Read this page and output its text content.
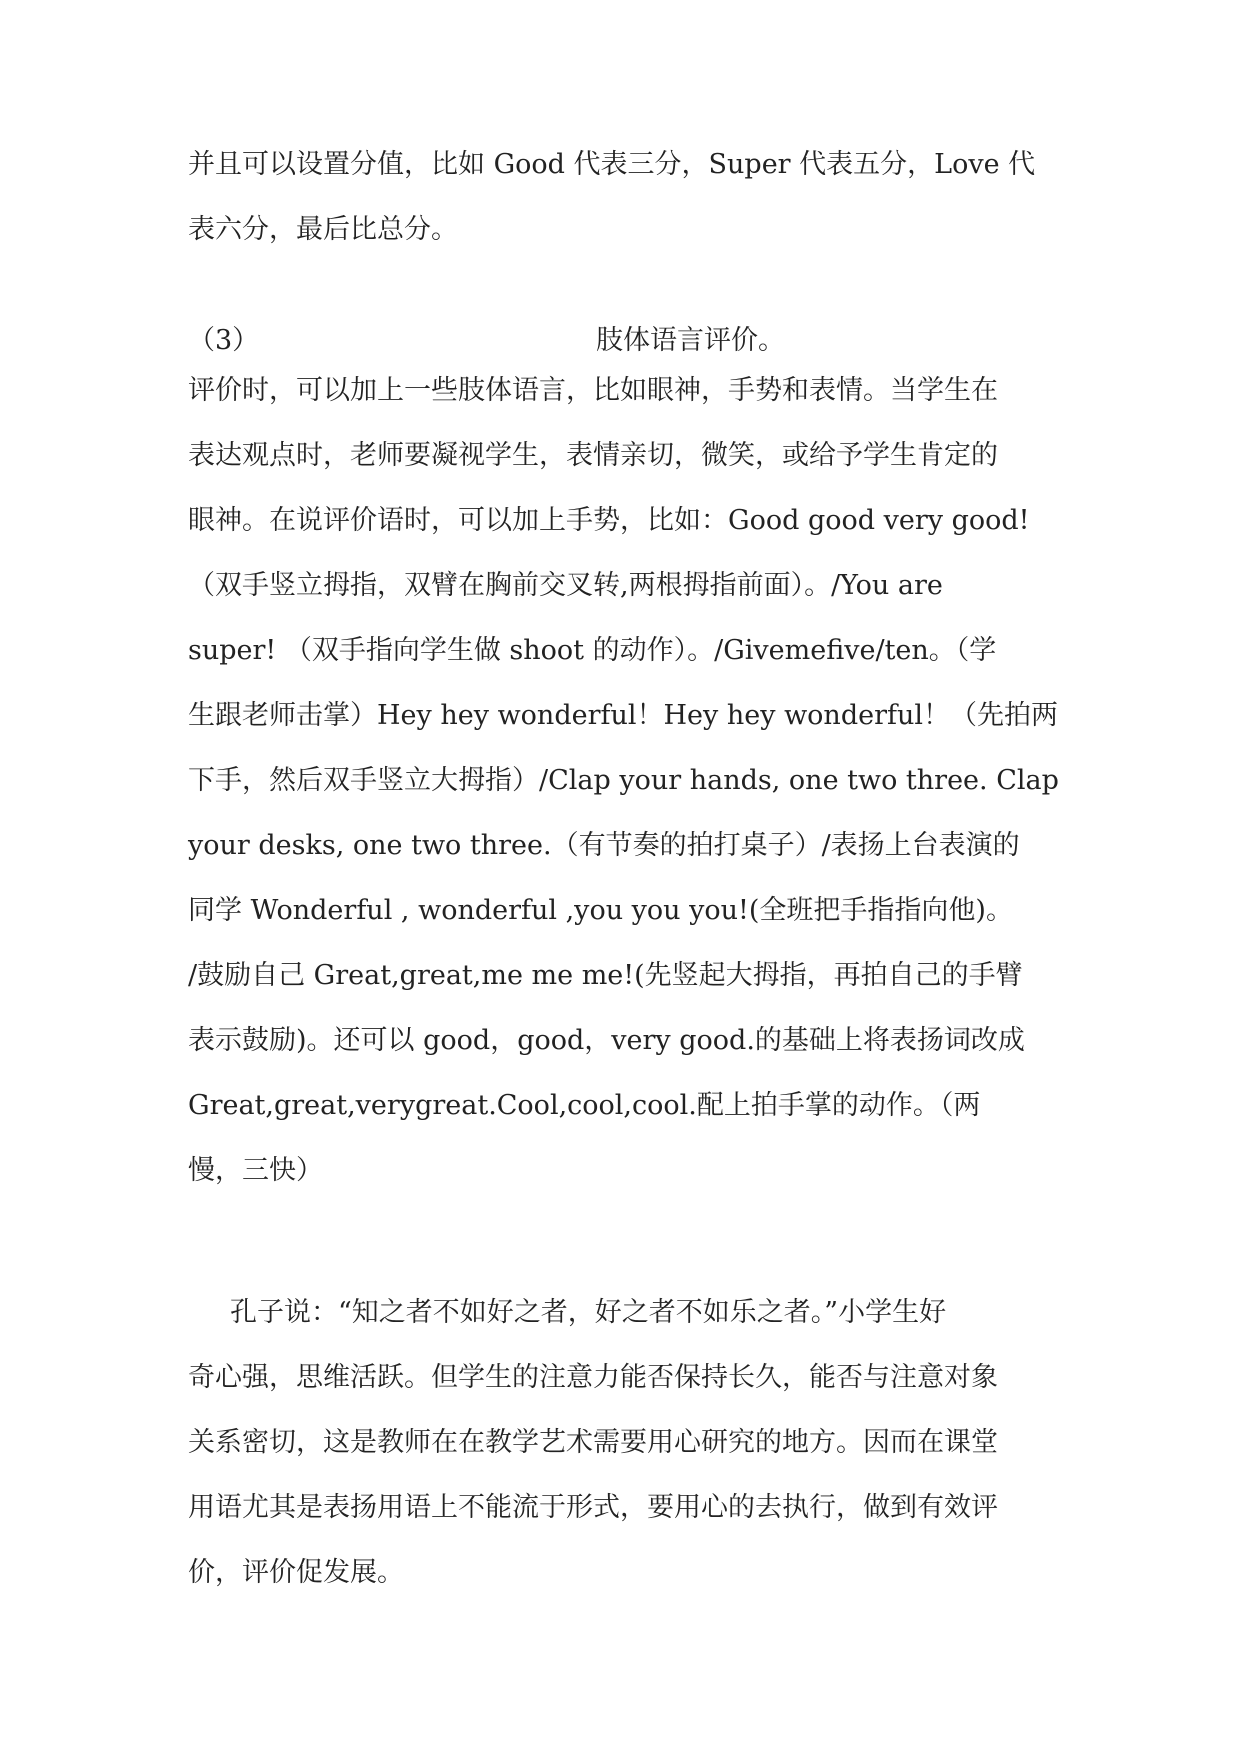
并且可以设置分值，比如 Good 代表三分，Super 代表五分，Love 代
表六分，最后比总分。
（3）	肢体语言评价。
评价时，可以加上一些肢体语言，比如眼神，手势和表情。当学生在
表达观点时，老师要凝视学生，表情亲切，微笑，或给予学生肯定的
眼神。在说评价语时，可以加上手势，比如：Good good very good!
（双手竖立拇指，双臂在胸前交叉转,两根拇指前面）。/You are
super! （双手指向学生做 shoot 的动作）。/Givemefive/ten。（学
生跟老师击掌）Hey hey wonderful！Hey hey wonderful！（先拍两
下手，然后双手竖立大拇指）/Clap your hands, one two three. Clap
your desks, one two three.（有节奏的拍打桌子）/表扬上台表演的
同学 Wonderful , wonderful ,you you you!(全班把手指指向他)。
/鼓励自己 Great,great,me me me!(先竖起大拇指，再拍自己的手臂
表示鼓励)。还可以 good，good，very good.的基础上将表扬词改成
Great,great,verygreat.Cool,cool,cool.配上拍手掌的动作。（两
慢，三快）
孔子说：“知之者不如好之者，好之者不如乐之者。”小学生好
奇心强，思维活跃。但学生的注意力能否保持长久，能否与注意对象
关系密切，这是教师在在教学艺术需要用心研究的地方。因而在课堂
用语尤其是表扬用语上不能流于形式，要用心的去执行，做到有效评
价，评价促发展。
